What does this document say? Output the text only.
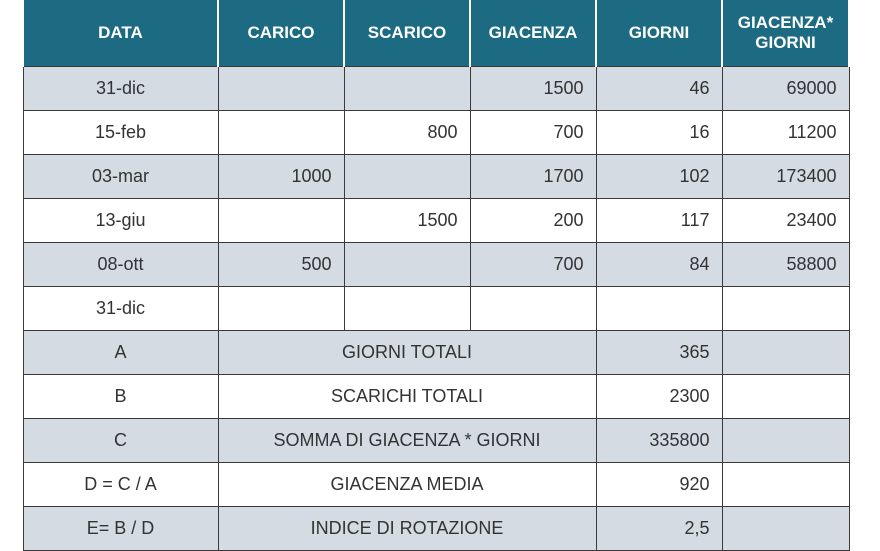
DATA	CARICO	SCARICO	GIACENZA	GIORNI	GIACENZA*
GIORNI
31-dic			1500	46	69000
15-feb		800	700	16	11200
03-mar	1000		1700	102	173400
13-giu		1500	200	117	23400
08-ott	500		700	84	58800
31-dic					
A	GIORNI TOTALI			365	
B	SCARICHI TOTALI			2300	
C	SOMMA DI GIACENZA * GIORNI			335800	
D = C / A	GIACENZA MEDIA			920	
E= B / D	INDICE DI ROTAZIONE			2,5	
